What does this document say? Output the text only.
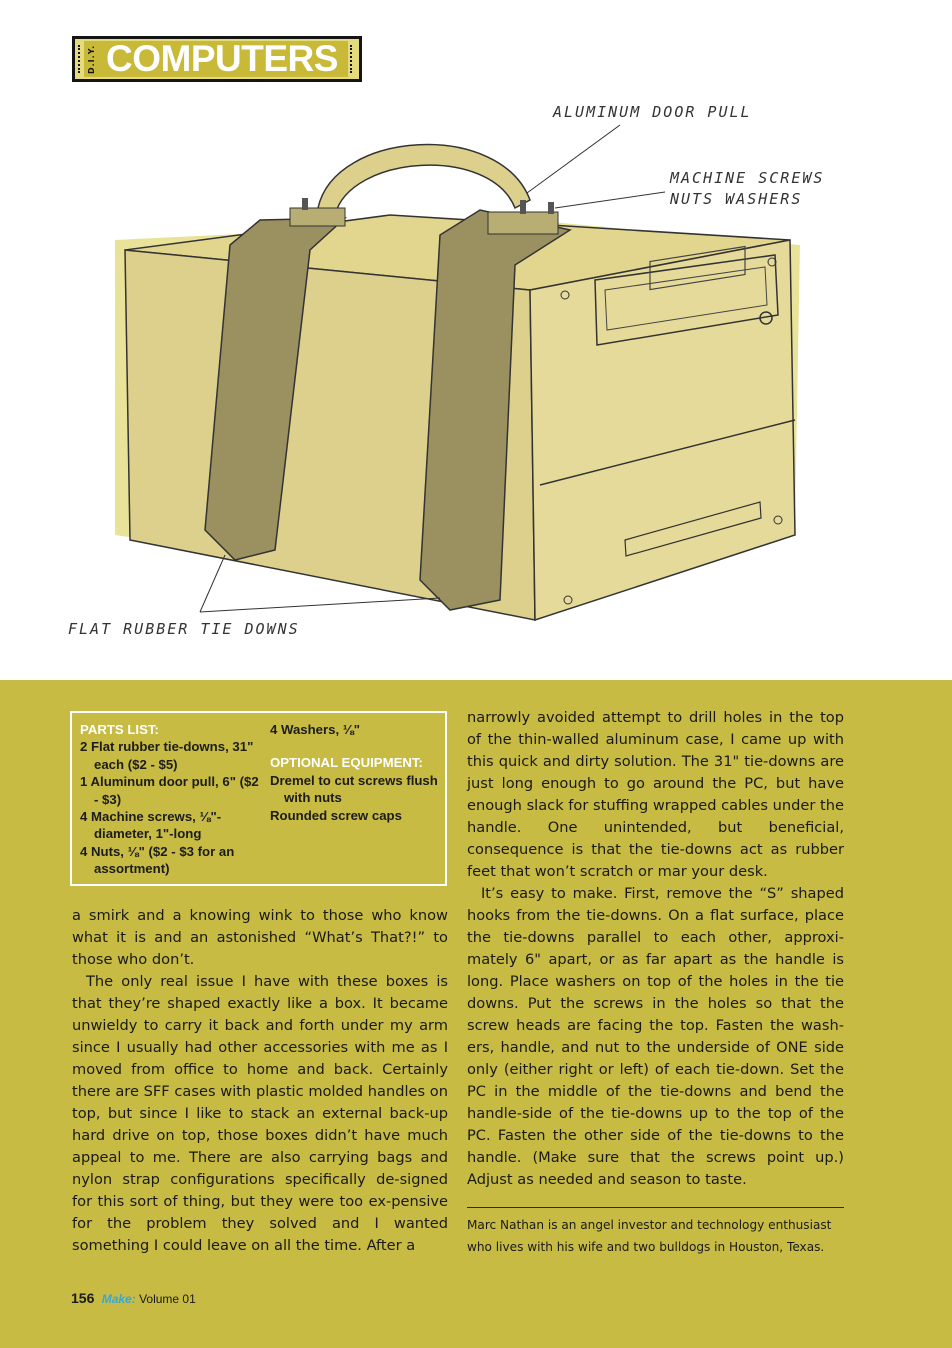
D.I.Y. COMPUTERS
ALUMINUM DOOR PULL
MACHINE SCREWS
NUTS WASHERS
FLAT RUBBER TIE DOWNS
PARTS LIST:
2 Flat rubber tie-downs, 31" each ($2 - $5)
1 Aluminum door pull, 6" ($2 - $3)
4 Machine screws, ⅛"-diameter, 1"-long
4 Nuts, ⅛" ($2 - $3 for an assortment)
4 Washers, ⅛"
OPTIONAL EQUIPMENT:
Dremel to cut screws flush with nuts
Rounded screw caps

a smirk and a knowing wink to those who know what it is and an astonished “What’s That?!” to those who don’t.

The only real issue I have with these boxes is that they’re shaped exactly like a box. It became unwieldy to carry it back and forth under my arm since I usually had other accessories with me as I moved from office to home and back. Certainly there are SFF cases with plastic molded handles on top, but since I like to stack an external back-up hard drive on top, those boxes didn’t have much appeal to me. There are also carrying bags and nylon strap configurations specifically de-signed for this sort of thing, but they were too ex-pensive for the problem they solved and I wanted something I could leave on all the time. After a

narrowly avoided attempt to drill holes in the top of the thin-walled aluminum case, I came up with this quick and dirty solution. The 31" tie-downs are just long enough to go around the PC, but have enough slack for stuffing wrapped cables under the handle. One unintended, but beneficial, consequence is that the tie-downs act as rubber feet that won’t scratch or mar your desk.

It’s easy to make. First, remove the “S” shaped hooks from the tie-downs. On a flat surface, place the tie-downs parallel to each other, approxi-mately 6" apart, or as far apart as the handle is long. Place washers on top of the holes in the tie downs. Put the screws in the holes so that the screw heads are facing the top. Fasten the wash-ers, handle, and nut to the underside of ONE side only (either right or left) of each tie-down. Set the PC in the middle of the tie-downs and bend the handle-side of the tie-downs up to the top of the PC. Fasten the other side of the tie-downs to the handle. (Make sure that the screws point up.) Adjust as needed and season to taste.

Marc Nathan is an angel investor and technology enthusiast who lives with his wife and two bulldogs in Houston, Texas.
156 Make: Volume 01
